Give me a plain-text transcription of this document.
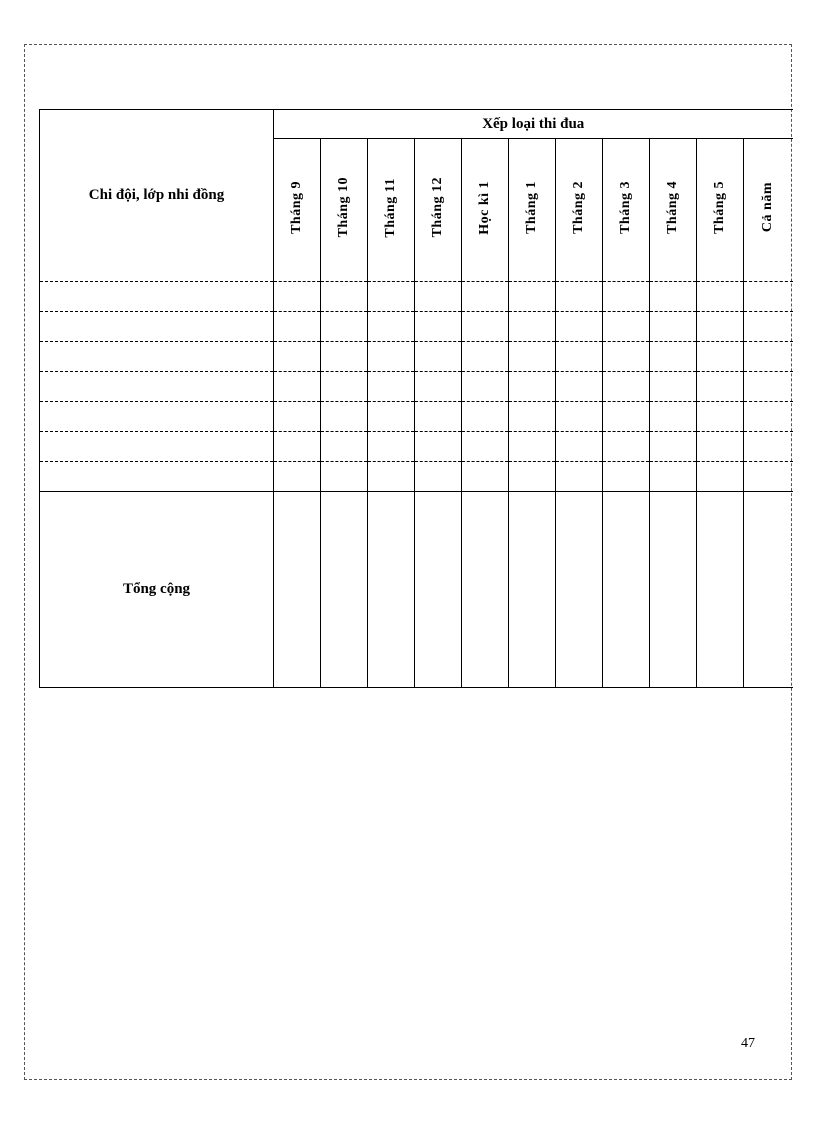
Chi đội, lớp nhi đồng	Xếp loại thi đua										
	Tháng 9	Tháng 10	Tháng 11	Tháng 12	Học kì 1	Tháng 1	Tháng 2	Tháng 3	Tháng 4	Tháng 5	Cả năm

Tổng cộng											
47
